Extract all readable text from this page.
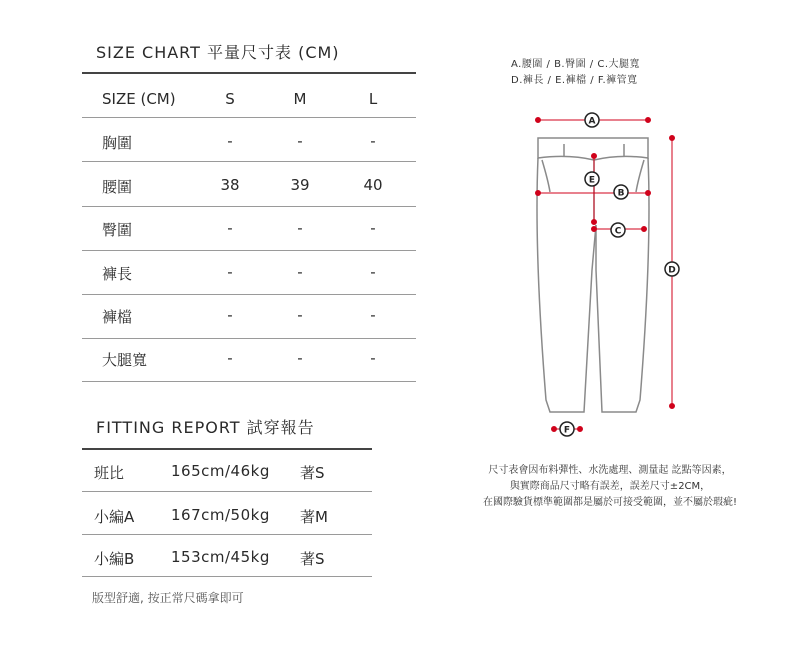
SIZE CHART 平量尺寸表 (CM)
SIZE (CM)	S	M	L
胸圍	-	-	-
腰圍	38	39	40
臀圍	-	-	-
褲長	-	-	-
褲檔	-	-	-
大腿寬	-	-	-
FITTING REPORT 試穿報告
班比	165cm/46kg 著S
小編A 167cm/50kg 著M
小編B 153cm/45kg 著S
版型舒適, 按正常尺碼拿即可
A.腰圍 / B.臀圍 / C.大腿寬
D.褲長 / E.褲檔 / F.褲管寬
A
E
B
C
D
F
尺寸表會因布料彈性、水洗處理、測量起 訖點等因素，
與實際商品尺寸略有誤差，誤差尺寸±2CM，
在國際驗貨標準範圍都是屬於可接受範圍，並不屬於瑕疵!
